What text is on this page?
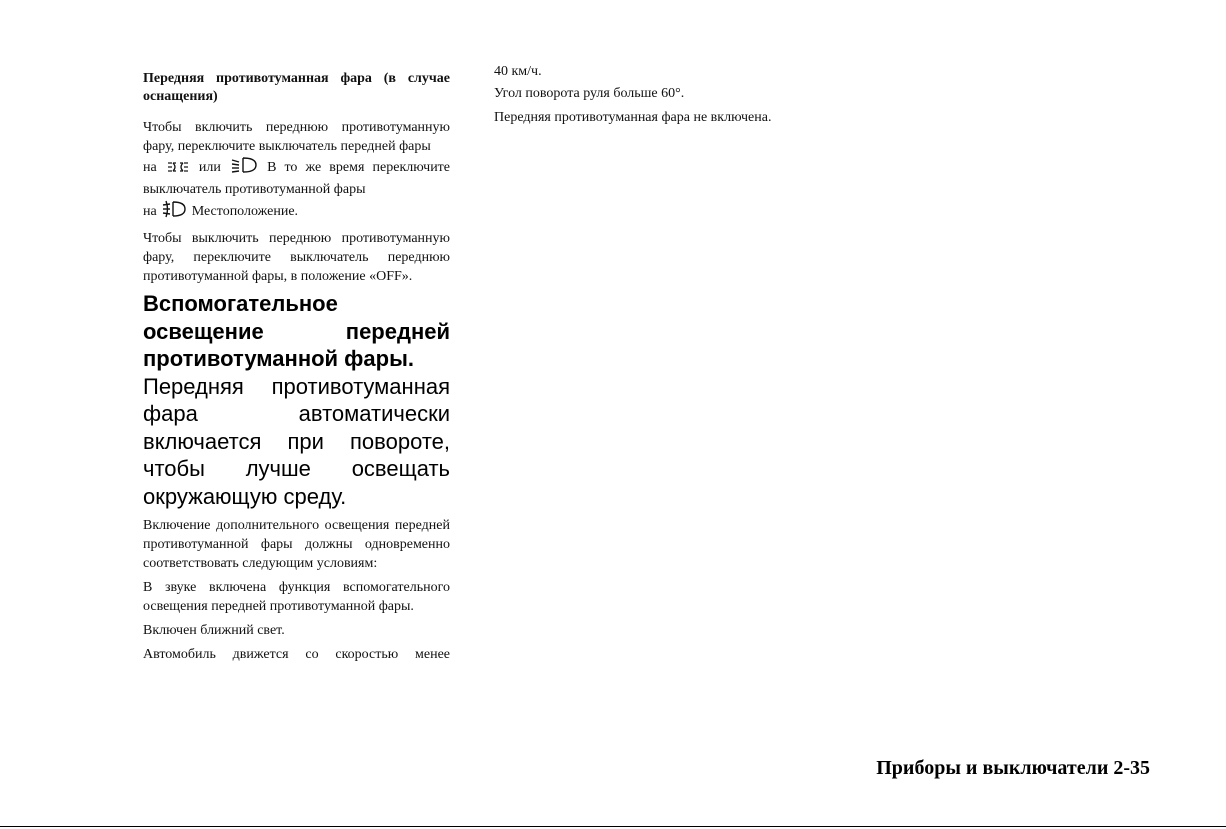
Передняя противотуманная фара (в случае оснащения)

Чтобы включить переднюю противотуманную фару, переключите выключатель передней фары

на	или	В то же время переключите выключатель противотуманной фары

на	Местоположение.

Чтобы выключить переднюю противотуманную фару, переключите выключатель переднюю противотуманной фары, в положение «OFF».

Вспомогательное освещение передней противотуманной фары.

Передняя противотуманная фара автоматически включается при повороте, чтобы лучше освещать окружающую среду.

Включение дополнительного освещения передней противотуманной фары должны одновременно соответствовать следующим условиям:

В звуке включена функция вспомогательного освещения передней противотуманной фары.

Включен ближний свет.

Автомобиль движется со скоростью менее

40 км/ч.

Угол поворота руля больше 60°.

Передняя противотуманная фара не включена.

Приборы и выключатели 2-35
